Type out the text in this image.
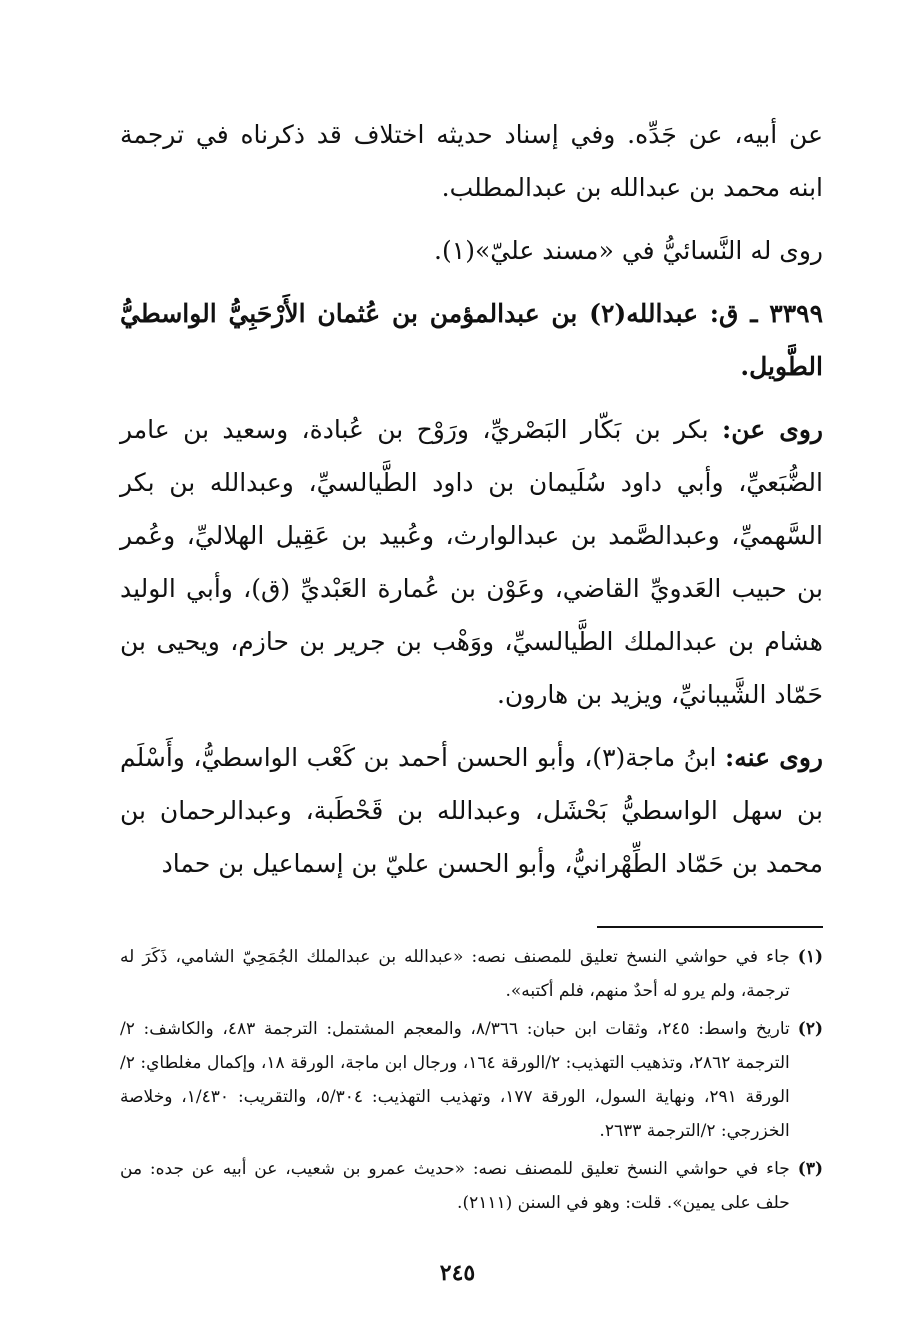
عن أبيه، عن جَدِّه. وفي إسناد حديثه اختلاف قد ذكرناه في ترجمة ابنه محمد بن عبدالله بن عبدالمطلب.

روى له النَّسائيُّ في «مسند عليّ»(١).

٣٣٩٩ ـ ق: عبدالله(٢) بن عبدالمؤمن بن عُثمان الأَرْحَبِيُّ الواسطيُّ الطَّويل.

روى عن: بكر بن بَكّار البَصْريِّ، ورَوْح بن عُبادة، وسعيد بن عامر الضُّبَعيِّ، وأبي داود سُلَيمان بن داود الطَّيالسيِّ، وعبدالله بن بكر السَّهميِّ، وعبدالصَّمد بن عبدالوارث، وعُبيد بن عَقِيل الهلاليِّ، وعُمر بن حبيب العَدويِّ القاضي، وعَوْن بن عُمارة العَبْديِّ (ق)، وأبي الوليد هشام بن عبدالملك الطَّيالسيِّ، ووَهْب بن جرير بن حازم، ويحيى بن حَمّاد الشَّيبانيِّ، ويزيد بن هارون.

روى عنه: ابنُ ماجة(٣)، وأبو الحسن أحمد بن كَعْب الواسطيُّ، وأَسْلَم بن سهل الواسطيُّ بَحْشَل، وعبدالله بن قَحْطَبة، وعبدالرحمان بن محمد بن حَمّاد الطِّهْرانيُّ، وأبو الحسن عليّ بن إسماعيل بن حماد

(١)
جاء في حواشي النسخ تعليق للمصنف نصه: «عبدالله بن عبدالملك الجُمَحِيّ الشامي، ذَكَرَ له ترجمة، ولم يرو له أحدٌ منهم، فلم أكتبه».
(٢)
تاريخ واسط: ٢٤٥، وثقات ابن حبان: ٨/٣٦٦، والمعجم المشتمل: الترجمة ٤٨٣، والكاشف: ٢/الترجمة ٢٨٦٢، وتذهيب التهذيب: ٢/الورقة ١٦٤، ورجال ابن ماجة، الورقة ١٨، وإكمال مغلطاي: ٢/الورقة ٢٩١، ونهاية السول، الورقة ١٧٧، وتهذيب التهذيب: ٥/٣٠٤، والتقريب: ١/٤٣٠، وخلاصة الخزرجي: ٢/الترجمة ٢٦٣٣.
(٣)
جاء في حواشي النسخ تعليق للمصنف نصه: «حديث عمرو بن شعيب، عن أبيه عن جده: من حلف على يمين». قلت: وهو في السنن (٢١١١).
٢٤٥
